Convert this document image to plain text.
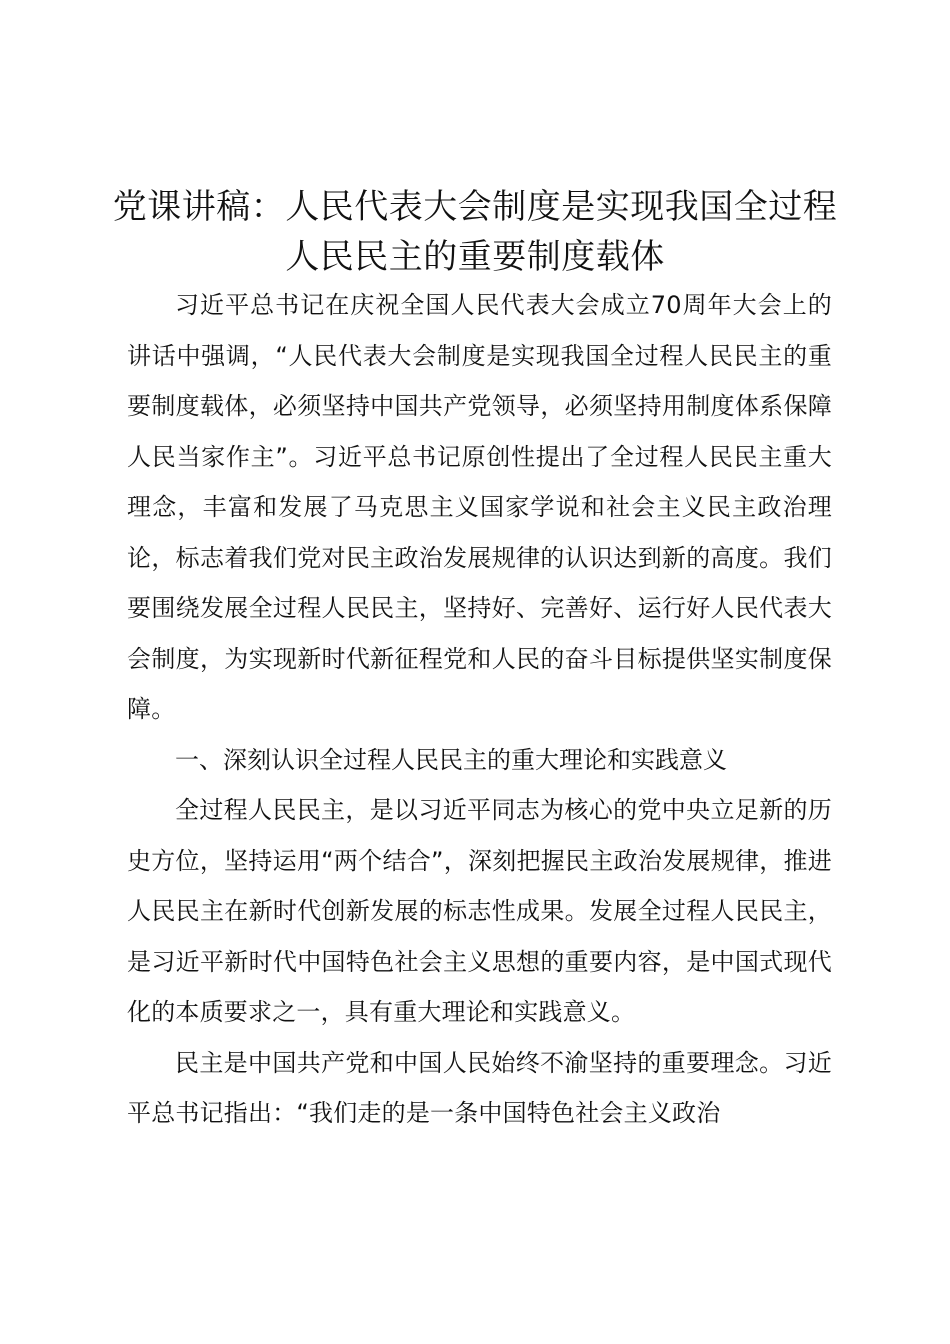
党课讲稿：人民代表大会制度是实现我国全过程人民民主的重要制度载体

习近平总书记在庆祝全国人民代表大会成立70周年大会上的讲话中强调，“人民代表大会制度是实现我国全过程人民民主的重要制度载体，必须坚持中国共产党领导，必须坚持用制度体系保障人民当家作主”。习近平总书记原创性提出了全过程人民民主重大理念，丰富和发展了马克思主义国家学说和社会主义民主政治理论，标志着我们党对民主政治发展规律的认识达到新的高度。我们要围绕发展全过程人民民主，坚持好、完善好、运行好人民代表大会制度，为实现新时代新征程党和人民的奋斗目标提供坚实制度保障。

一、深刻认识全过程人民民主的重大理论和实践意义

全过程人民民主，是以习近平同志为核心的党中央立足新的历史方位，坚持运用“两个结合”，深刻把握民主政治发展规律，推进人民民主在新时代创新发展的标志性成果。发展全过程人民民主，是习近平新时代中国特色社会主义思想的重要内容，是中国式现代化的本质要求之一，具有重大理论和实践意义。

民主是中国共产党和中国人民始终不渝坚持的重要理念。习近平总书记指出：“我们走的是一条中国特色社会主义政治
